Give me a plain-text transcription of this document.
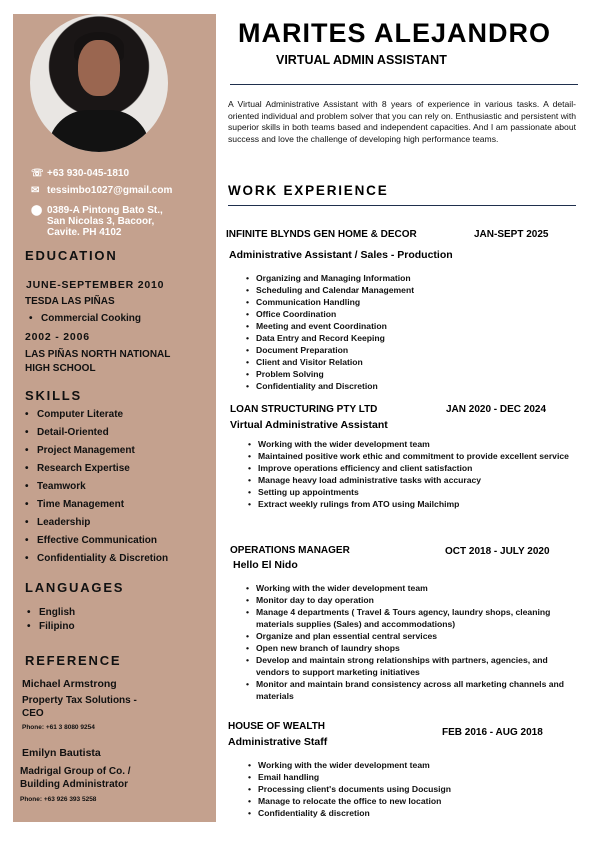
☏ +63 930-045-1810
✉ tessimbo1027@gmail.com
⬤ 0389-A Pintong Bato St.,
San Nicolas 3, Bacoor,
Cavite. PH 4102
EDUCATION
JUNE-SEPTEMBER 2010
TESDA LAS PIÑAS
• Commercial Cooking
2002 - 2006
LAS PIÑAS NORTH NATIONAL
HIGH SCHOOL
SKILLS
• Computer Literate
• Detail-Oriented
• Project Management
• Research Expertise
• Teamwork
• Time Management
• Leadership
• Effective Communication
• Confidentiality & Discretion
LANGUAGES
• English
• Filipino
REFERENCE
Michael Armstrong
Property Tax Solutions -
CEO
Phone: +61 3 8080 9254
Emilyn Bautista
Madrigal Group of Co. /
Building Administrator
Phone: +63 926 393 5258
MARITES ALEJANDRO
VIRTUAL ADMIN ASSISTANT
A Virtual Administrative Assistant with 8 years of experience in various tasks. A detail-oriented individual and problem solver that you can rely on. Enthusiastic and persistent with superior skills in both teams based and independent capacities. And I am passionate about success and love the challenge of developing high performance teams.
WORK EXPERIENCE
INFINITE BLYNDS GEN HOME & DECOR	JAN-SEPT 2025
Administrative Assistant / Sales - Production
• Organizing and Managing Information
• Scheduling and Calendar Management
• Communication Handling
• Office Coordination
• Meeting and event Coordination
• Data Entry and Record Keeping
• Document Preparation
• Client and Visitor Relation
• Problem Solving
• Confidentiality and Discretion
LOAN STRUCTURING PTY LTD	JAN 2020 - DEC 2024
Virtual Administrative Assistant
• Working with the wider development team
• Maintained positive work ethic and commitment to provide excellent service
• Improve operations efficiency and client satisfaction
• Manage heavy load administrative tasks with accuracy
• Setting up appointments
• Extract weekly rulings from ATO using Mailchimp
OPERATIONS MANAGER	OCT 2018 - JULY 2020
Hello El Nido
• Working with the wider development team
• Monitor day to day operation
• Manage 4 departments ( Travel & Tours agency, laundry shops, cleaning materials supplies (Sales) and accommodations)
• Organize and plan essential central services
• Open new branch of laundry shops
• Develop and maintain strong relationships with partners, agencies, and vendors to support marketing initiatives
• Monitor and maintain brand consistency across all marketing channels and materials
HOUSE OF WEALTH
FEB 2016 - AUG 2018
Administrative Staff
• Working with the wider development team
• Email handling
• Processing client's documents using Docusign
• Manage to relocate the office to new location
• Confidentiality & discretion
